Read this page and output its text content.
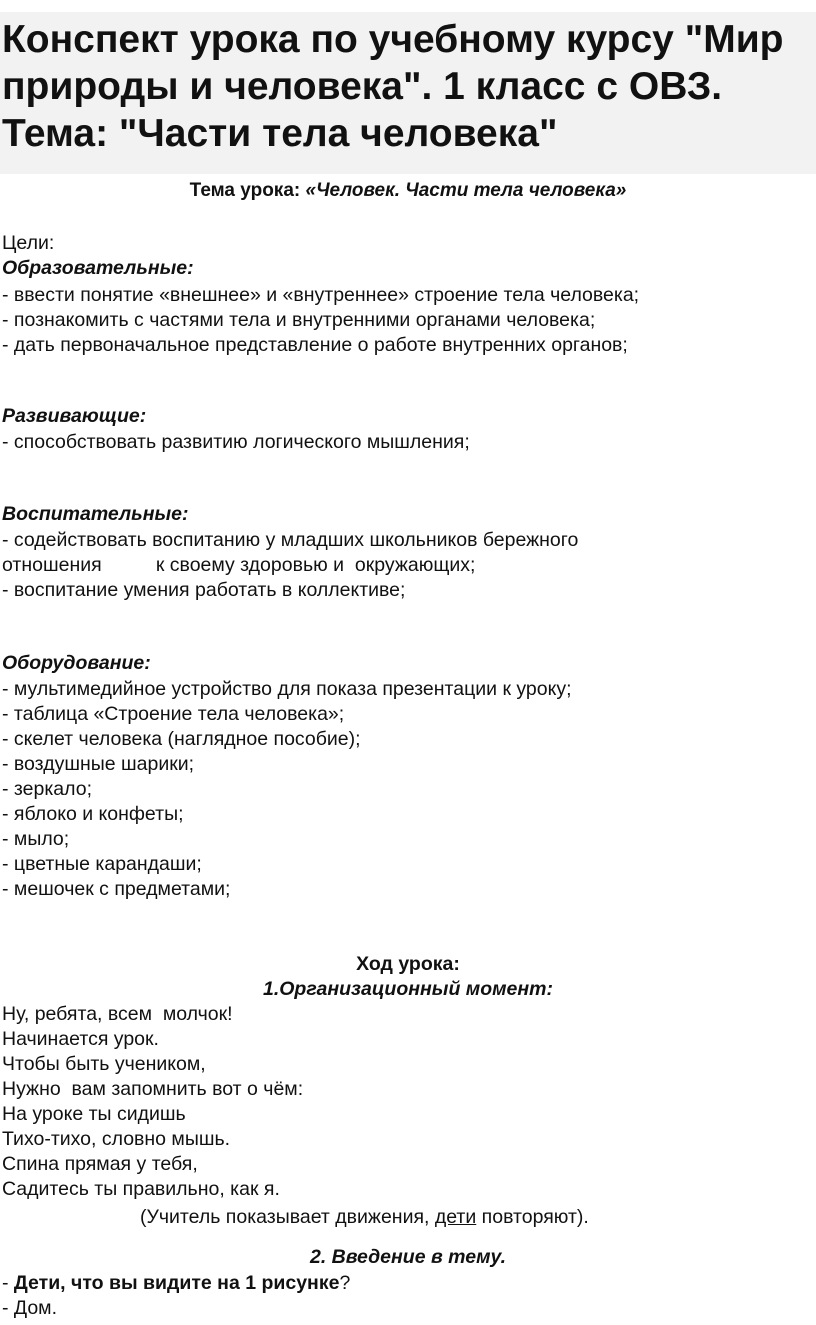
Конспект урока по учебному курсу "Мир природы и человека". 1 класс с ОВЗ. Тема: "Части тела человека"
Тема урока: «Человек. Части тела человека»
Цели:
Образовательные:
- ввести понятие «внешнее» и «внутреннее» строение тела человека;
- познакомить с частями тела и внутренними органами человека;
- дать первоначальное представление о работе внутренних органов;
Развивающие:
- способствовать развитию логического мышления;
Воспитательные:
- содействовать воспитанию у младших школьников бережного
отношения          к своему здоровью и  окружающих;
- воспитание умения работать в коллективе;
Оборудование:
- мультимедийное устройство для показа презентации к уроку;
- таблица «Строение тела человека»;
- скелет человека (наглядное пособие);
- воздушные шарики;
- зеркало;
- яблоко и конфеты;
- мыло;
- цветные карандаши;
- мешочек с предметами;
Ход урока:
1.Организационный момент:
Ну, ребята, всем  молчок!
Начинается урок.
Чтобы быть учеником,
Нужно  вам запомнить вот о чём:
На уроке ты сидишь
Тихо-тихо, словно мышь.
Спина прямая у тебя,
Садитесь ты правильно, как я.
(Учитель показывает движения, дети повторяют).
2. Введение в тему.
- Дети, что вы видите на 1 рисунке?
- Дом.
